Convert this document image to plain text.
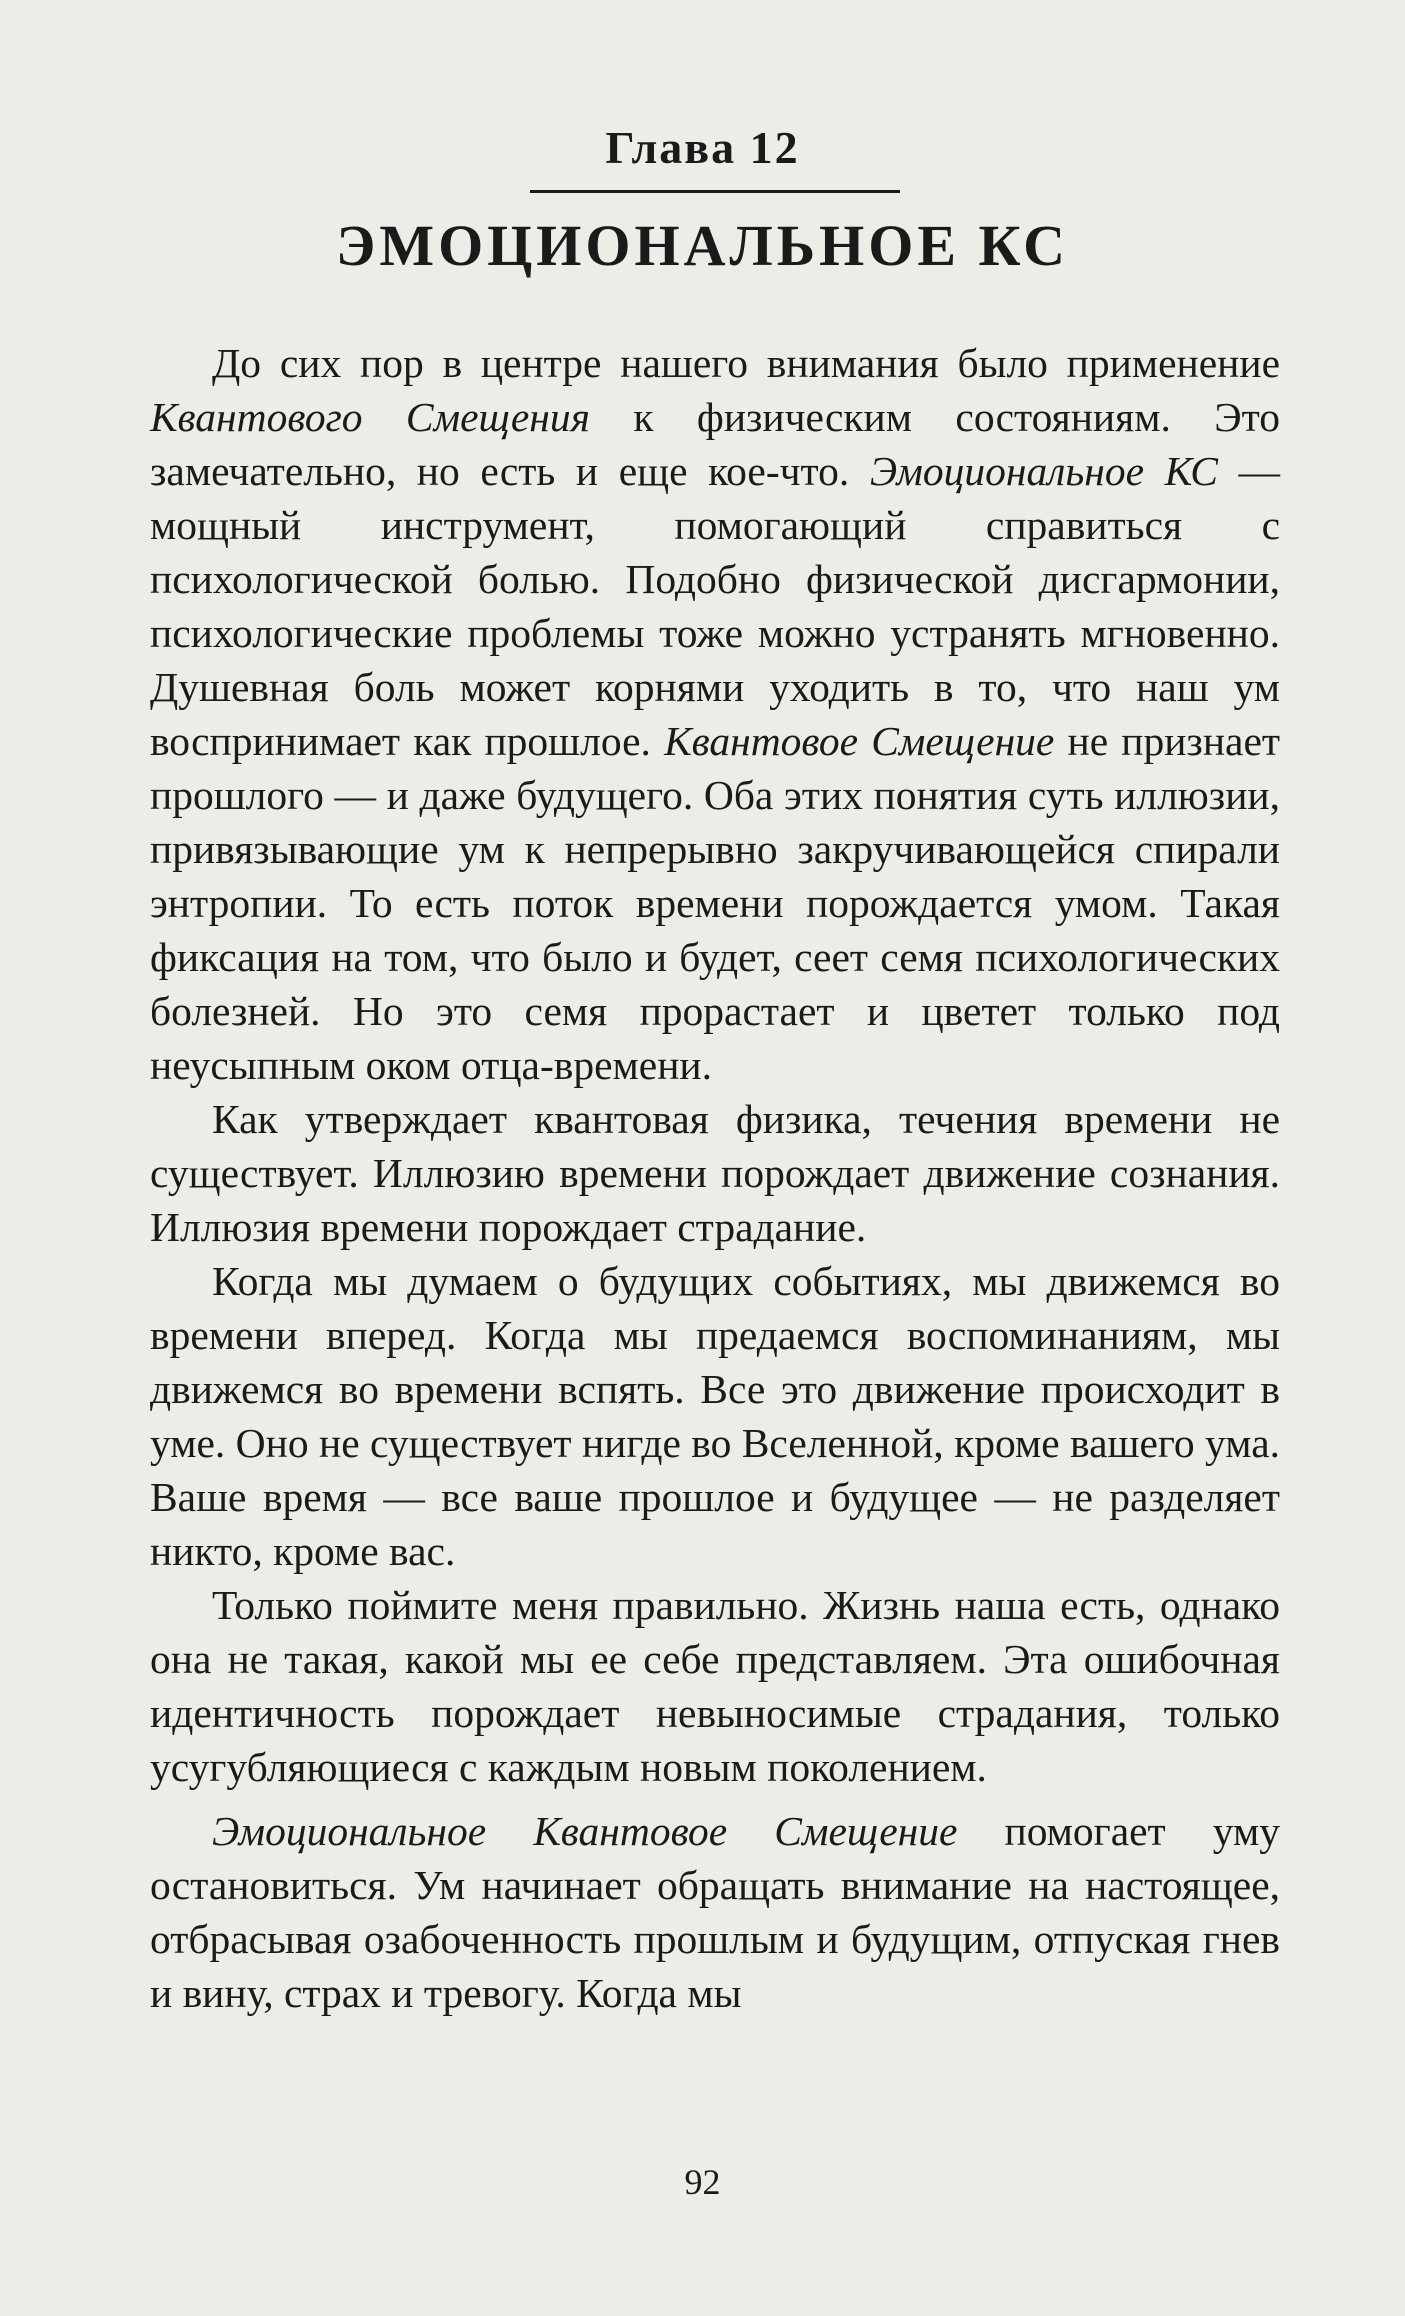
Глава 12
ЭМОЦИОНАЛЬНОЕ КС

До сих пор в центре нашего внимания было применение Квантового Смещения к физическим состояниям. Это замечательно, но есть и еще кое-что. Эмоциональное КС — мощный инструмент, помогающий справиться с психологической болью. Подобно физической дисгармонии, психологические проблемы тоже можно устранять мгновенно. Душевная боль может корнями уходить в то, что наш ум воспринимает как прошлое. Квантовое Смещение не признает прошлого — и даже будущего. Оба этих понятия суть иллюзии, привязывающие ум к непрерывно закручивающейся спирали энтропии. То есть поток времени порождается умом. Такая фиксация на том, что было и будет, сеет семя психологических болезней. Но это семя прорастает и цветет только под неусыпным оком отца-времени.

Как утверждает квантовая физика, течения времени не существует. Иллюзию времени порождает движение сознания. Иллюзия времени порождает страдание.

Когда мы думаем о будущих событиях, мы движемся во времени вперед. Когда мы предаемся воспоминаниям, мы движемся во времени вспять. Все это движение происходит в уме. Оно не существует нигде во Вселенной, кроме вашего ума. Ваше время — все ваше прошлое и будущее — не разделяет никто, кроме вас.

Только поймите меня правильно. Жизнь наша есть, однако она не такая, какой мы ее себе представляем. Эта ошибочная идентичность порождает невыносимые страдания, только усугубляющиеся с каждым новым поколением.

Эмоциональное Квантовое Смещение помогает уму остановиться. Ум начинает обращать внимание на настоящее, отбрасывая озабоченность прошлым и будущим, отпуская гнев и вину, страх и тревогу. Когда мы

92
